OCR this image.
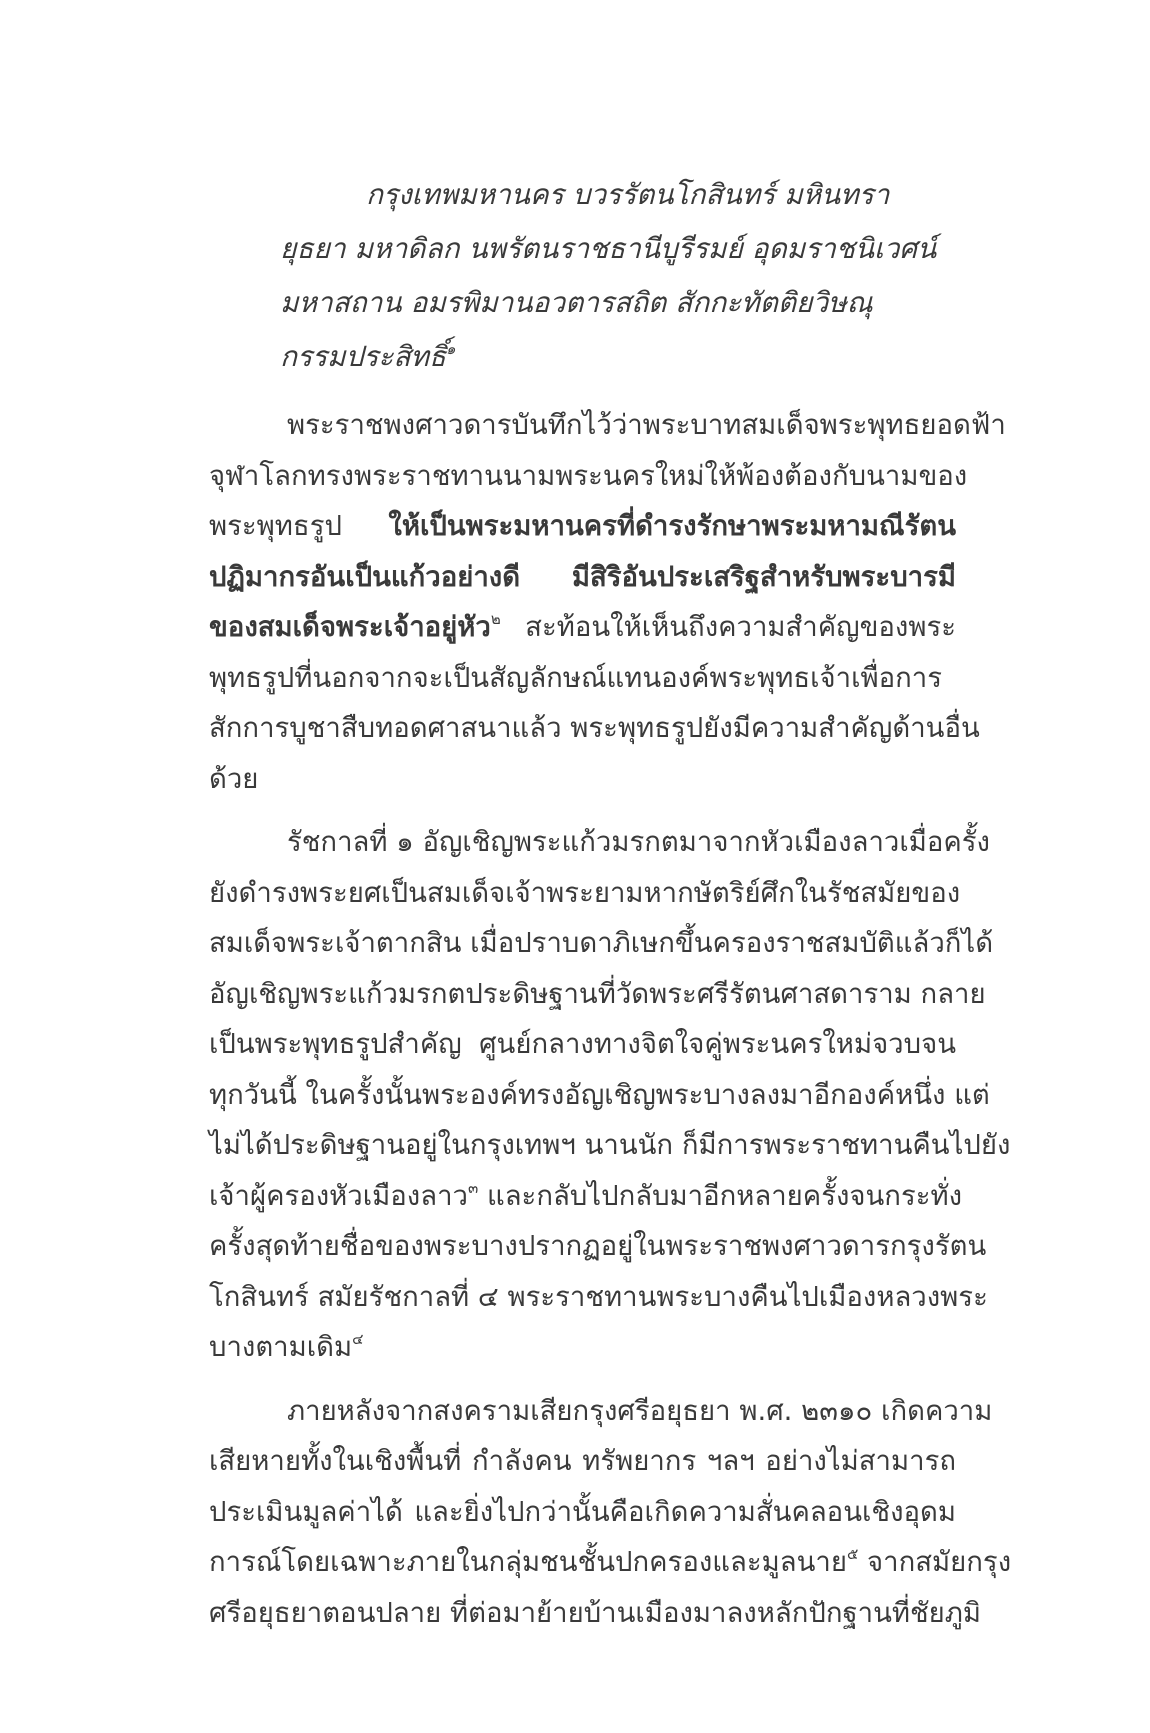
กรุงเทพมหานคร บวรรัตนโกสินทร์ มหินทรา
ยุธยา มหาดิลก นพรัตนราชธานีบูรีรมย์ อุดมราชนิเวศน์
มหาสถาน อมรพิมานอวตารสถิต สักกะทัตติยวิษณุ
กรรมประสิทธิ์$^๑$
พระราชพงศาวดารบันทึกไว้ว่าพระบาทสมเด็จพระพุทธยอดฟ้า
จุฬาโลกทรงพระราชทานนามพระนครใหม่ให้พ้องต้องกับนามของ
พระพุทธรูป ให้เป็นพระมหานครที่ดำรงรักษาพระมหามณีรัตน
ปฏิมากรอันเป็นแก้วอย่างดี มีสิริอันประเสริฐสำหรับพระบารมี
ของสมเด็จพระเจ้าอยู่หัว$^๒$ สะท้อนให้เห็นถึงความสำคัญของพระ
พุทธรูปที่นอกจากจะเป็นสัญลักษณ์แทนองค์พระพุทธเจ้าเพื่อการ
สักการบูชาสืบทอดศาสนาแล้ว พระพุทธรูปยังมีความสำคัญด้านอื่น
ด้วย
รัชกาลที่ ๑ อัญเชิญพระแก้วมรกตมาจากหัวเมืองลาวเมื่อครั้ง
ยังดำรงพระยศเป็นสมเด็จเจ้าพระยามหากษัตริย์ศึกในรัชสมัยของ
สมเด็จพระเจ้าตากสิน เมื่อปราบดาภิเษกขึ้นครองราชสมบัติแล้วก็ได้
อัญเชิญพระแก้วมรกตประดิษฐานที่วัดพระศรีรัตนศาสดาราม กลาย
เป็นพระพุทธรูปสำคัญ ศูนย์กลางทางจิตใจคู่พระนครใหม่จวบจน
ทุกวันนี้ ในครั้งนั้นพระองค์ทรงอัญเชิญพระบางลงมาอีกองค์หนึ่ง แต่
ไม่ได้ประดิษฐานอยู่ในกรุงเทพฯ นานนัก ก็มีการพระราชทานคืนไปยัง
เจ้าผู้ครองหัวเมืองลาว$^๓$ และกลับไปกลับมาอีกหลายครั้งจนกระทั่ง
ครั้งสุดท้ายชื่อของพระบางปรากฏอยู่ในพระราชพงศาวดารกรุงรัตน
โกสินทร์ สมัยรัชกาลที่ ๔ พระราชทานพระบางคืนไปเมืองหลวงพระ
บางตามเดิม$^๔$
ภายหลังจากสงครามเสียกรุงศรีอยุธยา พ.ศ. ๒๓๑๐ เกิดความ
เสียหายทั้งในเชิงพื้นที่ กำลังคน ทรัพยากร ฯลฯ อย่างไม่สามารถ
ประเมินมูลค่าได้ และยิ่งไปกว่านั้นคือเกิดความสั่นคลอนเชิงอุดม
การณ์โดยเฉพาะภายในกลุ่มชนชั้นปกครองและมูลนาย$^๕$ จากสมัยกรุง
ศรีอยุธยาตอนปลาย ที่ต่อมาย้ายบ้านเมืองมาลงหลักปักฐานที่ชัยภูมิ
